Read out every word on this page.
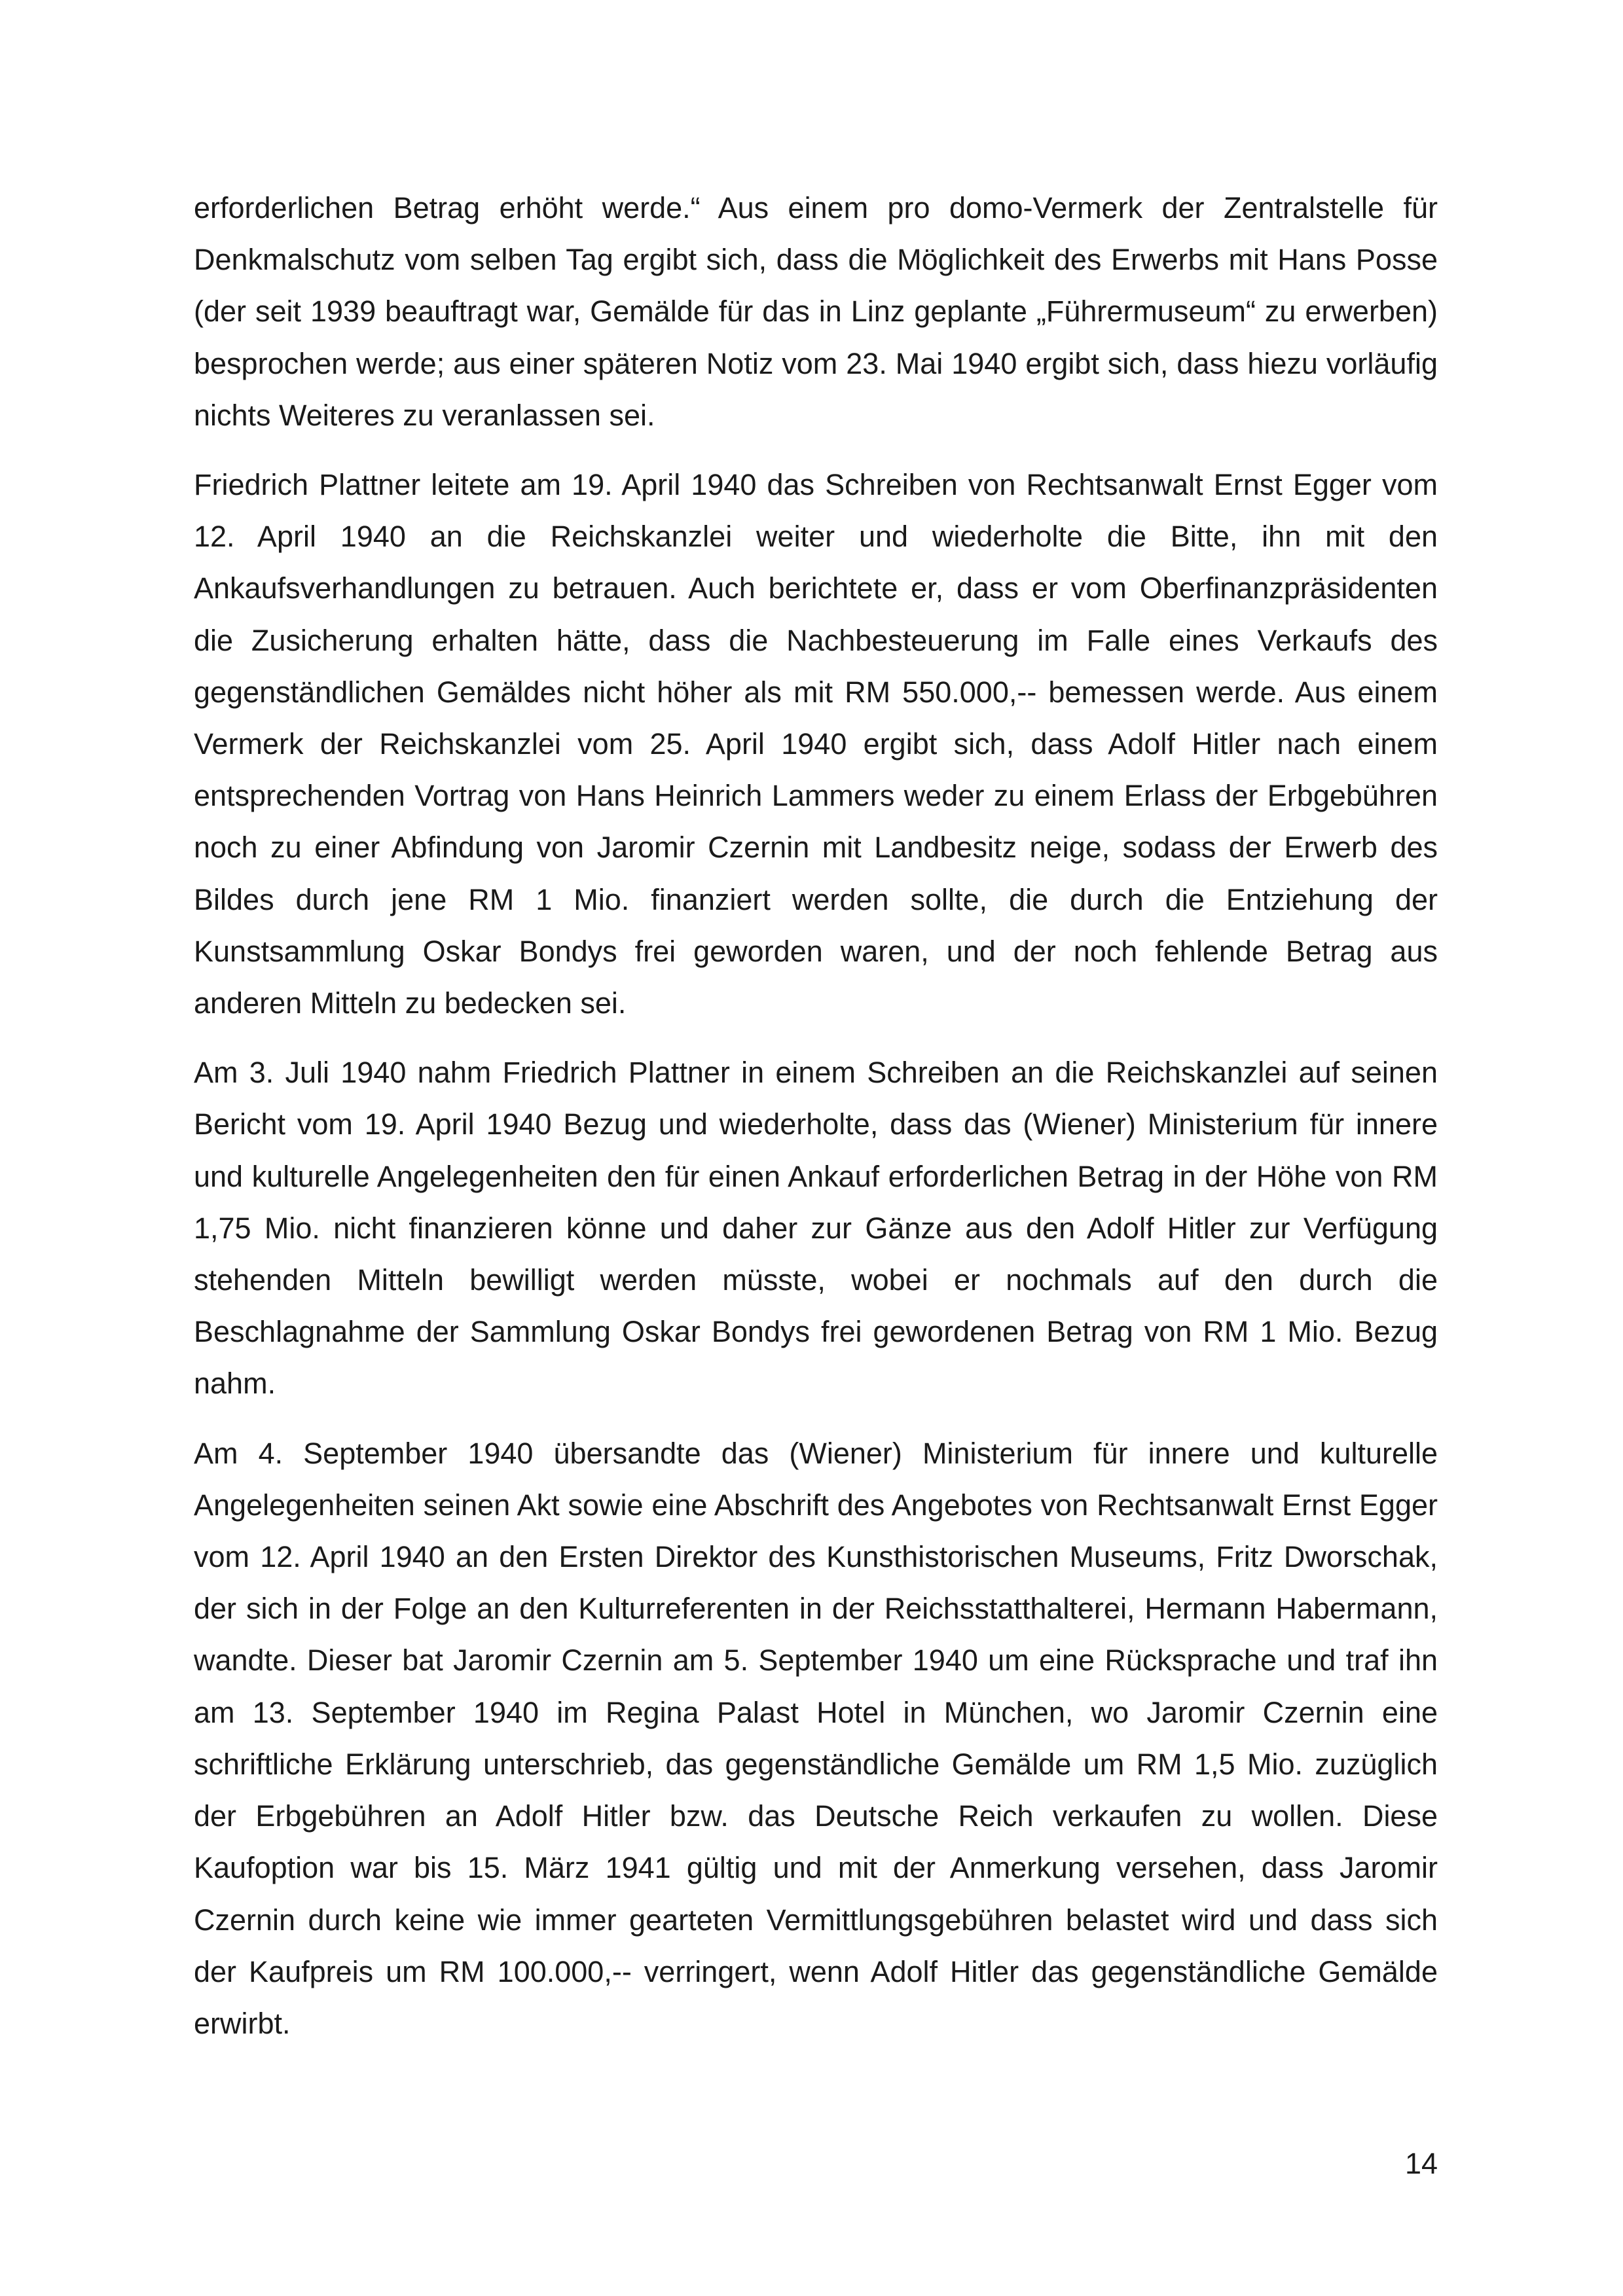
erforderlichen Betrag erhöht werde.“ Aus einem pro domo-Vermerk der Zentralstelle für Denkmalschutz vom selben Tag ergibt sich, dass die Möglichkeit des Erwerbs mit Hans Posse (der seit 1939 beauftragt war, Gemälde für das in Linz geplante „Führermuseum“ zu erwerben) besprochen werde; aus einer späteren Notiz vom 23. Mai 1940 ergibt sich, dass hiezu vorläufig nichts Weiteres zu veranlassen sei.

Friedrich Plattner leitete am 19. April 1940 das Schreiben von Rechtsanwalt Ernst Egger vom 12. April 1940 an die Reichskanzlei weiter und wiederholte die Bitte, ihn mit den Ankaufsverhandlungen zu betrauen. Auch berichtete er, dass er vom Oberfinanzpräsidenten die Zusicherung erhalten hätte, dass die Nachbesteuerung im Falle eines Verkaufs des gegenständlichen Gemäldes nicht höher als mit RM 550.000,-- bemessen werde. Aus einem Vermerk der Reichskanzlei vom 25. April 1940 ergibt sich, dass Adolf Hitler nach einem entsprechenden Vortrag von Hans Heinrich Lammers weder zu einem Erlass der Erbgebühren noch zu einer Abfindung von Jaromir Czernin mit Landbesitz neige, sodass der Erwerb des Bildes durch jene RM 1 Mio. finanziert werden sollte, die durch die Entziehung der Kunstsammlung Oskar Bondys frei geworden waren, und der noch fehlende Betrag aus anderen Mitteln zu bedecken sei.

Am 3. Juli 1940 nahm Friedrich Plattner in einem Schreiben an die Reichskanzlei auf seinen Bericht vom 19. April 1940 Bezug und wiederholte, dass das (Wiener) Ministerium für innere und kulturelle Angelegenheiten den für einen Ankauf erforderlichen Betrag in der Höhe von RM 1,75 Mio. nicht finanzieren könne und daher zur Gänze aus den Adolf Hitler zur Verfügung stehenden Mitteln bewilligt werden müsste, wobei er nochmals auf den durch die Beschlagnahme der Sammlung Oskar Bondys frei gewordenen Betrag von RM 1 Mio. Bezug nahm.

Am 4. September 1940 übersandte das (Wiener) Ministerium für innere und kulturelle Angelegenheiten seinen Akt sowie eine Abschrift des Angebotes von Rechtsanwalt Ernst Egger vom 12. April 1940 an den Ersten Direktor des Kunsthistorischen Museums, Fritz Dworschak, der sich in der Folge an den Kulturreferenten in der Reichsstatthalterei, Hermann Habermann, wandte. Dieser bat Jaromir Czernin am 5. September 1940 um eine Rücksprache und traf ihn am 13. September 1940 im Regina Palast Hotel in München, wo Jaromir Czernin eine schriftliche Erklärung unterschrieb, das gegenständliche Gemälde um RM 1,5 Mio. zuzüglich der Erbgebühren an Adolf Hitler bzw. das Deutsche Reich verkaufen zu wollen. Diese Kaufoption war bis 15. März 1941 gültig und mit der Anmerkung versehen, dass Jaromir Czernin durch keine wie immer gearteten Vermittlungsgebühren belastet wird und dass sich der Kaufpreis um RM 100.000,-- verringert, wenn Adolf Hitler das gegenständliche Gemälde erwirbt.

14
